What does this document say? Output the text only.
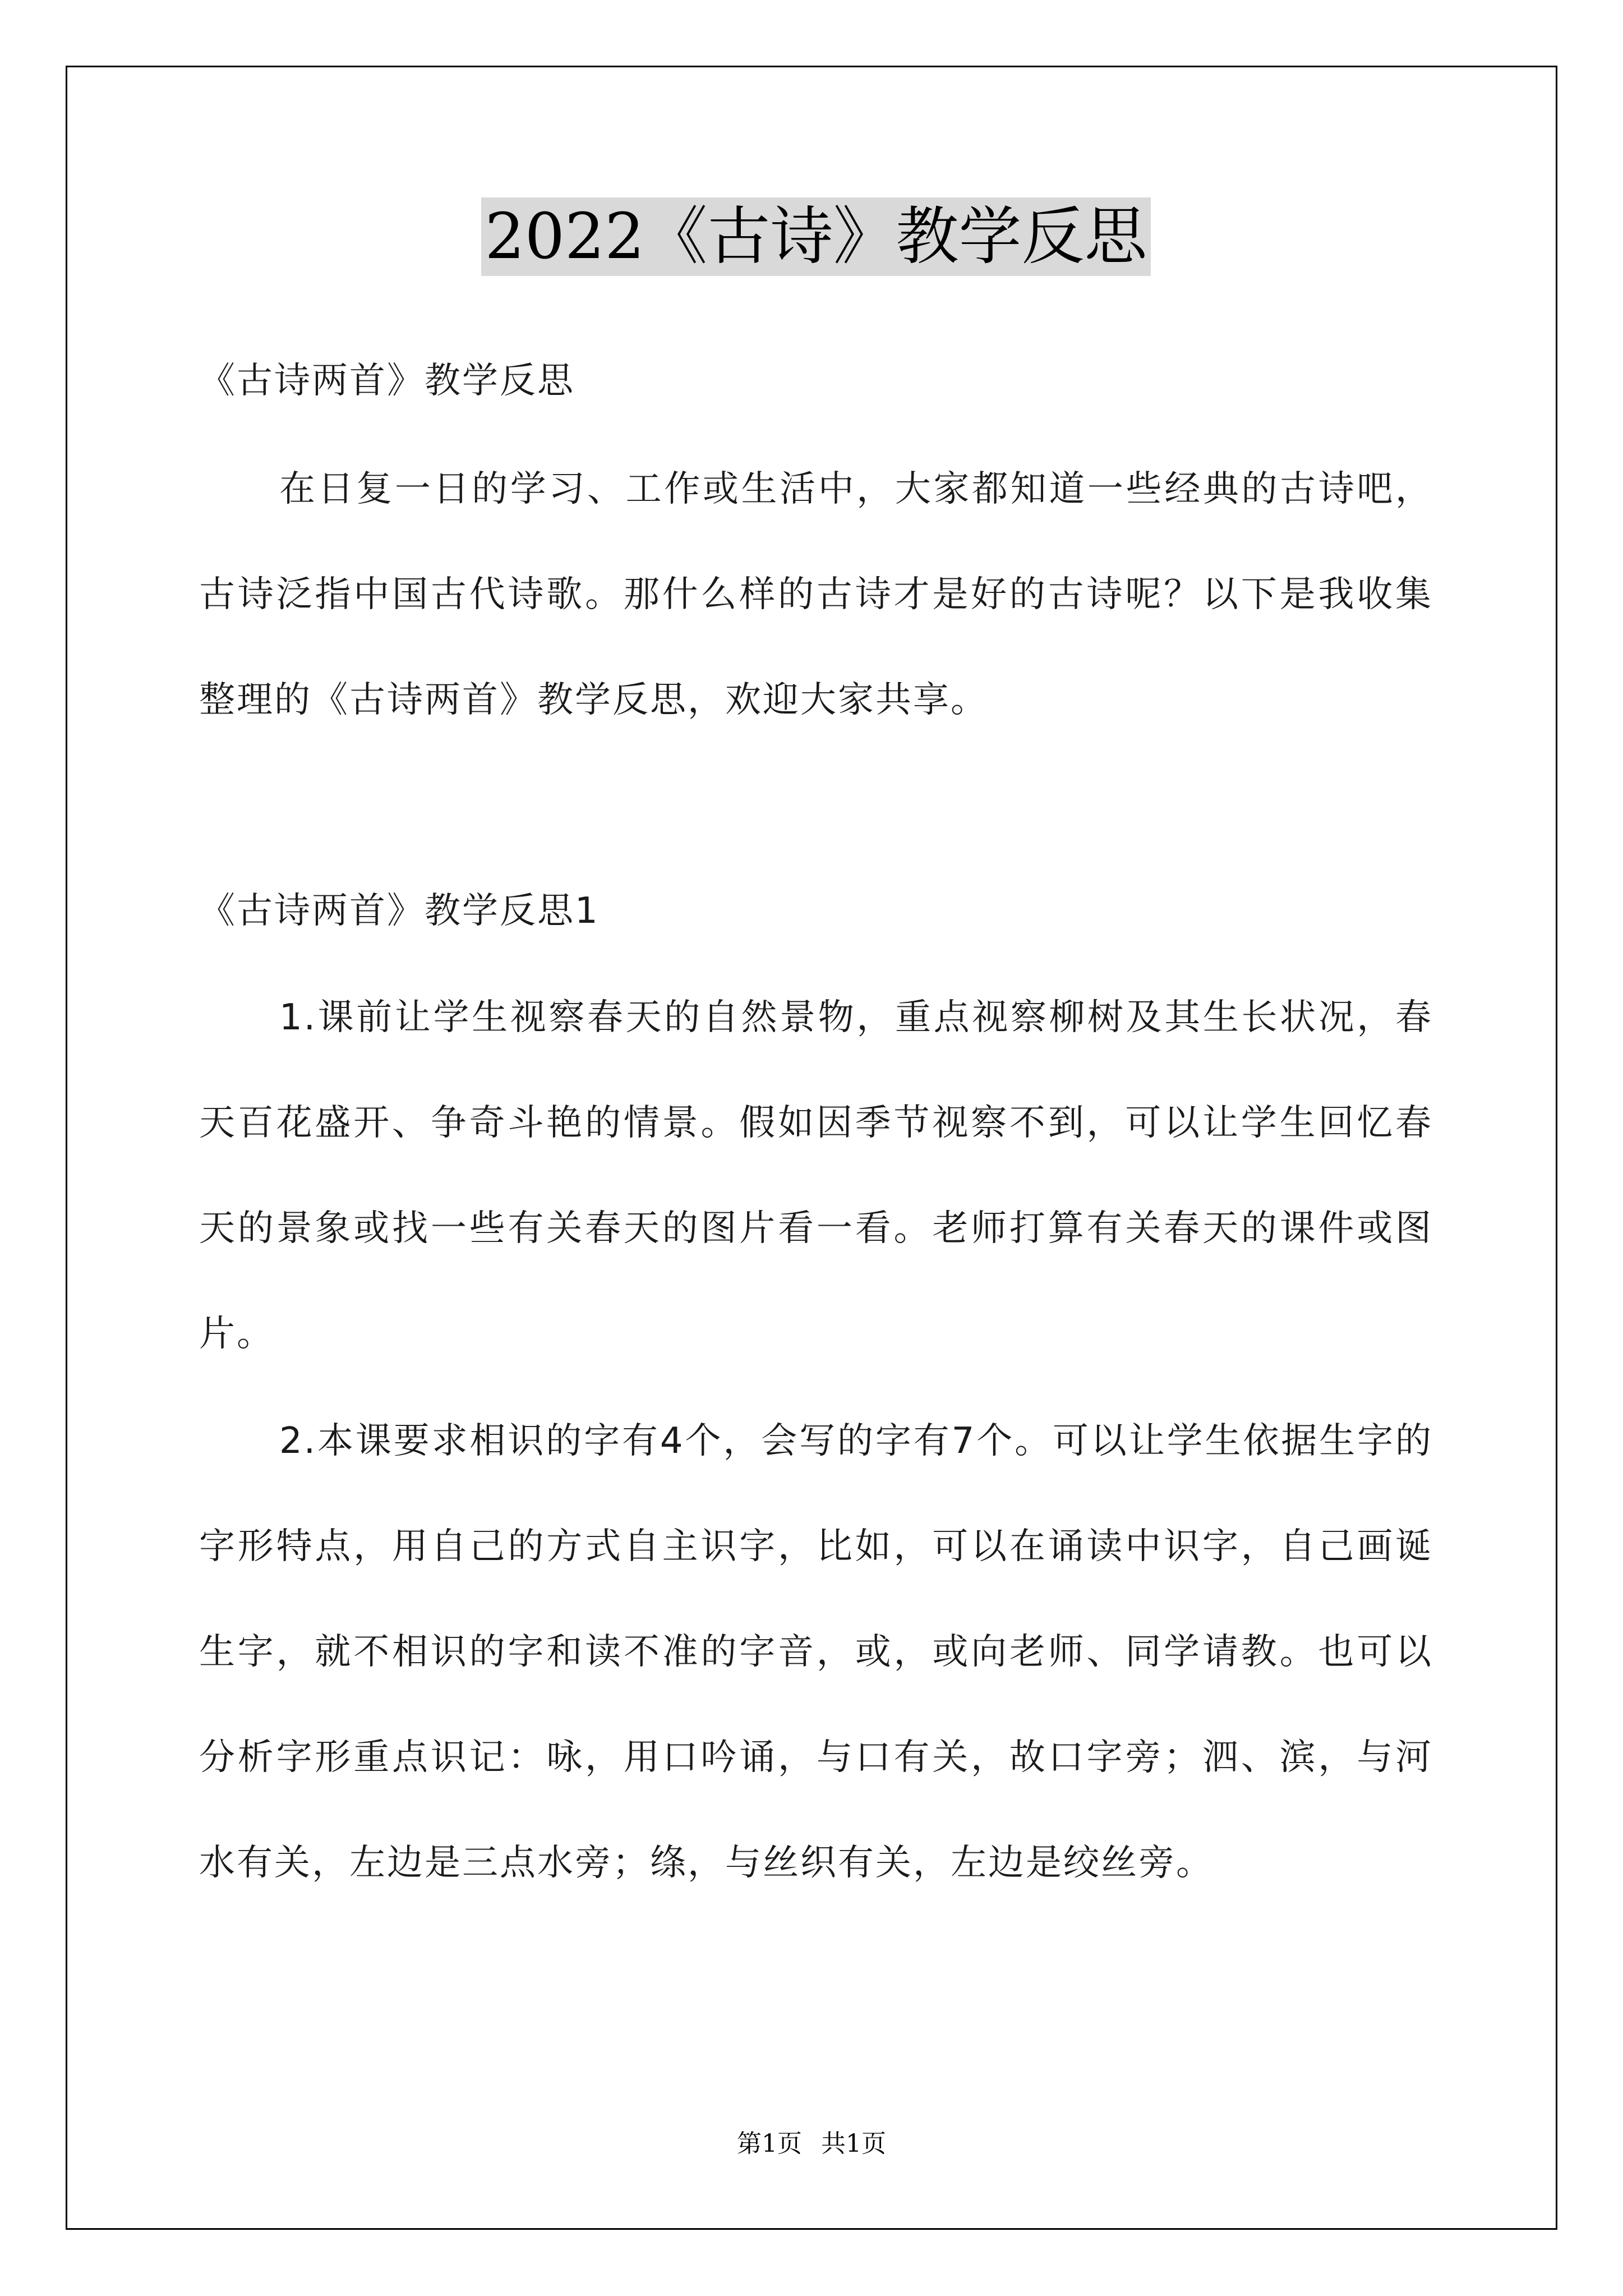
2022《古诗》教学反思
《古诗两首》教学反思
在日复一日的学习、工作或生活中，大家都知道一些经典的古诗吧，古诗泛指中国古代诗歌。那什么样的古诗才是好的古诗呢？以下是我收集整理的《古诗两首》教学反思，欢迎大家共享。
《古诗两首》教学反思1
1.课前让学生视察春天的自然景物，重点视察柳树及其生长状况，春天百花盛开、争奇斗艳的情景。假如因季节视察不到，可以让学生回忆春天的景象或找一些有关春天的图片看一看。老师打算有关春天的课件或图片。
2.本课要求相识的字有4个，会写的字有7个。可以让学生依据生字的字形特点，用自己的方式自主识字，比如，可以在诵读中识字，自己画诞生字，就不相识的字和读不准的字音，或，或向老师、同学请教。也可以分析字形重点识记：咏，用口吟诵，与口有关，故口字旁；泗、滨，与河水有关，左边是三点水旁；绦，与丝织有关，左边是绞丝旁。
第1页 共1页
